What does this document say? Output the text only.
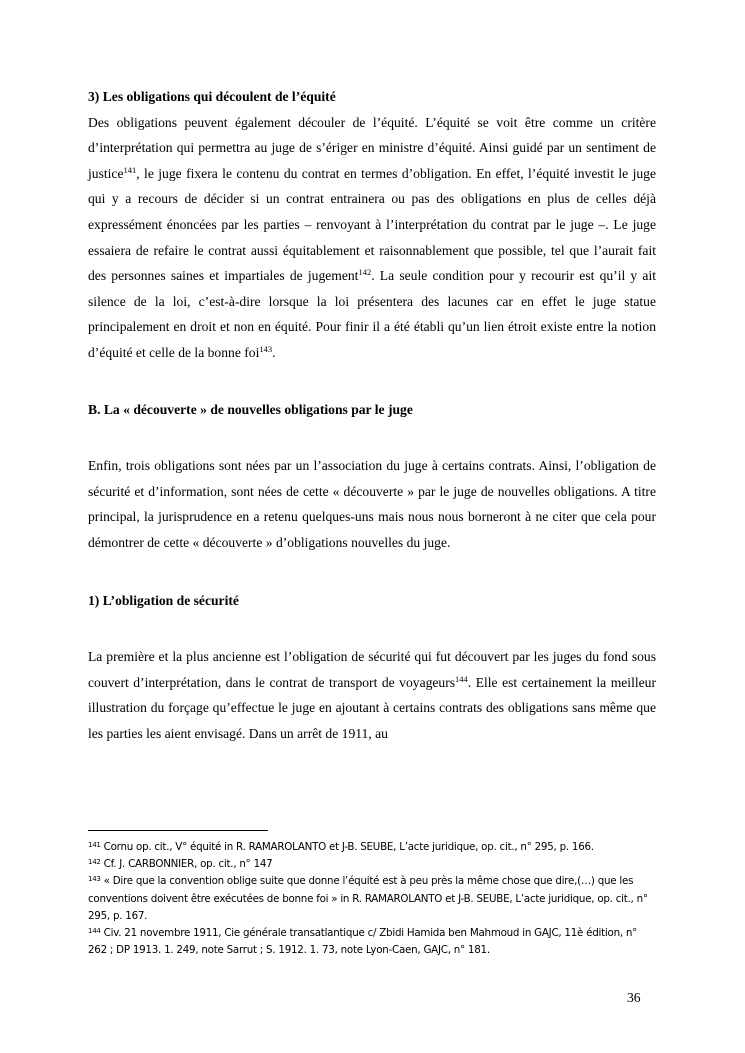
3) Les obligations qui découlent de l’équité

Des obligations peuvent également découler de l’équité. L’équité se voit être comme un critère d’interprétation qui permettra au juge de s’ériger en ministre d’équité. Ainsi guidé par un sentiment de justice$^{141}$, le juge fixera le contenu du contrat en termes d’obligation. En effet, l’équité investit le juge qui y a recours de décider si un contrat entrainera ou pas des obligations en plus de celles déjà expressément énoncées par les parties – renvoyant à l’interprétation du contrat par le juge –. Le juge essaiera de refaire le contrat aussi équitablement et raisonnablement que possible, tel que l’aurait fait des personnes saines et impartiales de jugement$^{142}$. La seule condition pour y recourir est qu’il y ait silence de la loi, c’est-à-dire lorsque la loi présentera des lacunes car en effet le juge statue principalement en droit et non en équité. Pour finir il a été établi qu’un lien étroit existe entre la notion d’équité et celle de la bonne foi$^{143}$.

B. La « découverte » de nouvelles obligations par le juge

Enfin, trois obligations sont nées par un l’association du juge à certains contrats. Ainsi, l’obligation de sécurité et d’information, sont nées de cette « découverte » par le juge de nouvelles obligations. A titre principal, la jurisprudence en a retenu quelques-uns mais nous nous borneront à ne citer que cela pour démontrer de cette « découverte » d’obligations nouvelles du juge.

1) L’obligation de sécurité

La première et la plus ancienne est l’obligation de sécurité qui fut découvert par les juges du fond sous couvert d’interprétation, dans le contrat de transport de voyageurs$^{144}$. Elle est certainement la meilleur illustration du forçage qu’effectue le juge en ajoutant à certains contrats des obligations sans même que les parties les aient envisagé. Dans un arrêt de 1911, au

$^{141}$ Cornu op. cit., V° équité in R. RAMAROLANTO et J-B. SEUBE, L’acte juridique, op. cit., n° 295, p. 166.

$^{142}$ Cf. J. CARBONNIER, op. cit., n° 147

$^{143}$ « Dire que la convention oblige suite que donne l’équité est à peu près la même chose que dire,(…) que les conventions doivent être exécutées de bonne foi » in R. RAMAROLANTO et J-B. SEUBE, L’acte juridique, op. cit., n° 295, p. 167.

$^{144}$ Civ. 21 novembre 1911, Cie générale transatlantique c/ Zbidi Hamida ben Mahmoud in GAJC, 11è édition, n° 262 ; DP 1913. 1. 249, note Sarrut ; S. 1912. 1. 73, note Lyon-Caen, GAJC, n° 181.

36
